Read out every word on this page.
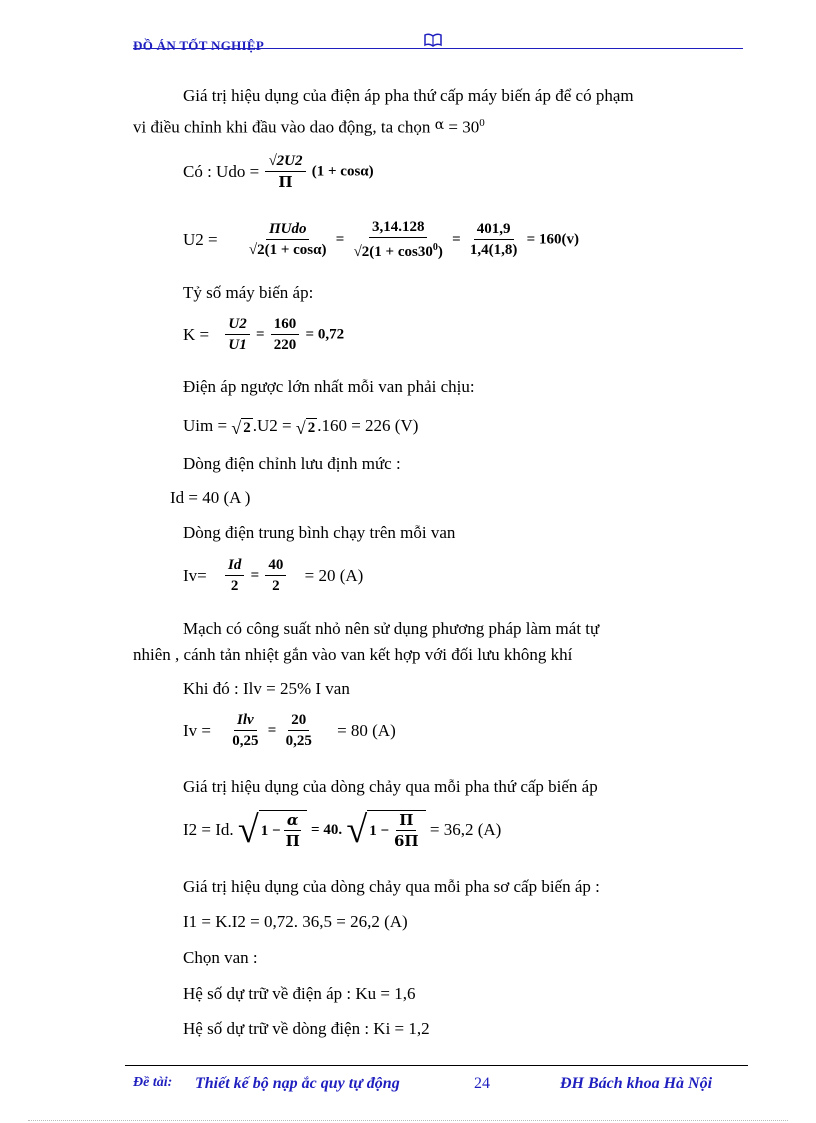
ĐỒ ÁN TỐT NGHIỆP
Giá trị hiệu dụng của điện áp pha thứ cấp máy biến áp để có phạm
vi điều chỉnh khi đầu vào dao động, ta chọn $^\alpha = 30^0$
Có : Udo = $\frac{√2U2}{\Pi} (1 + \cos\alpha)$
$U2 = \frac{\text{ΠUdo}}{√2(1 + \cos\alpha)} = \frac{3,14.128}{√2(1 + \cos 30^0)} = \frac{401,9}{1,4(1,8)} = 160(v)$
Tỷ số máy biến áp:
$K = \frac{U2}{U1} = \frac{160}{220} = 0,72$
Điện áp ngược lớn nhất mỗi van phải chịu:
Uim = √ 2 .U2 = √ 2 .160 = 226 (V)
Dòng điện chỉnh lưu định mức :
Id = 40 (A )
Dòng điện trung bình chạy trên mỗi van
$Iv= \frac{Id}{2} = \frac{40}{2} = 20$ (A)
Mạch có công suất nhỏ nên sử dụng phương pháp làm mát tự
nhiên , cánh tản nhiệt gắn vào van kết hợp với đối lưu không khí
Khi đó : Ilv = 25% I van
$Iv = \frac{\text{Ilv}}{0,25} = \frac{20}{0,25} = 80$ (A)
Giá trị hiệu dụng của dòng chảy qua mỗi pha thứ cấp biến áp
I2 = Id. √ $1 - \frac{\alpha}{\Pi} = 40$. √ $1 - \frac{\Pi}{6\Pi} = 36,2$ (A)
Giá trị hiệu dụng của dòng chảy qua mỗi pha sơ cấp biến áp :
I1 = K.I2 = 0,72. 36,5 = 26,2 (A)
Chọn van :
Hệ số dự trữ về điện áp : Ku = 1,6
Hệ số dự trữ về dòng điện : Ki = 1,2
Đề tài: Thiết kế bộ nạp ắc quy tự động	24	ĐH Bách khoa Hà Nội
